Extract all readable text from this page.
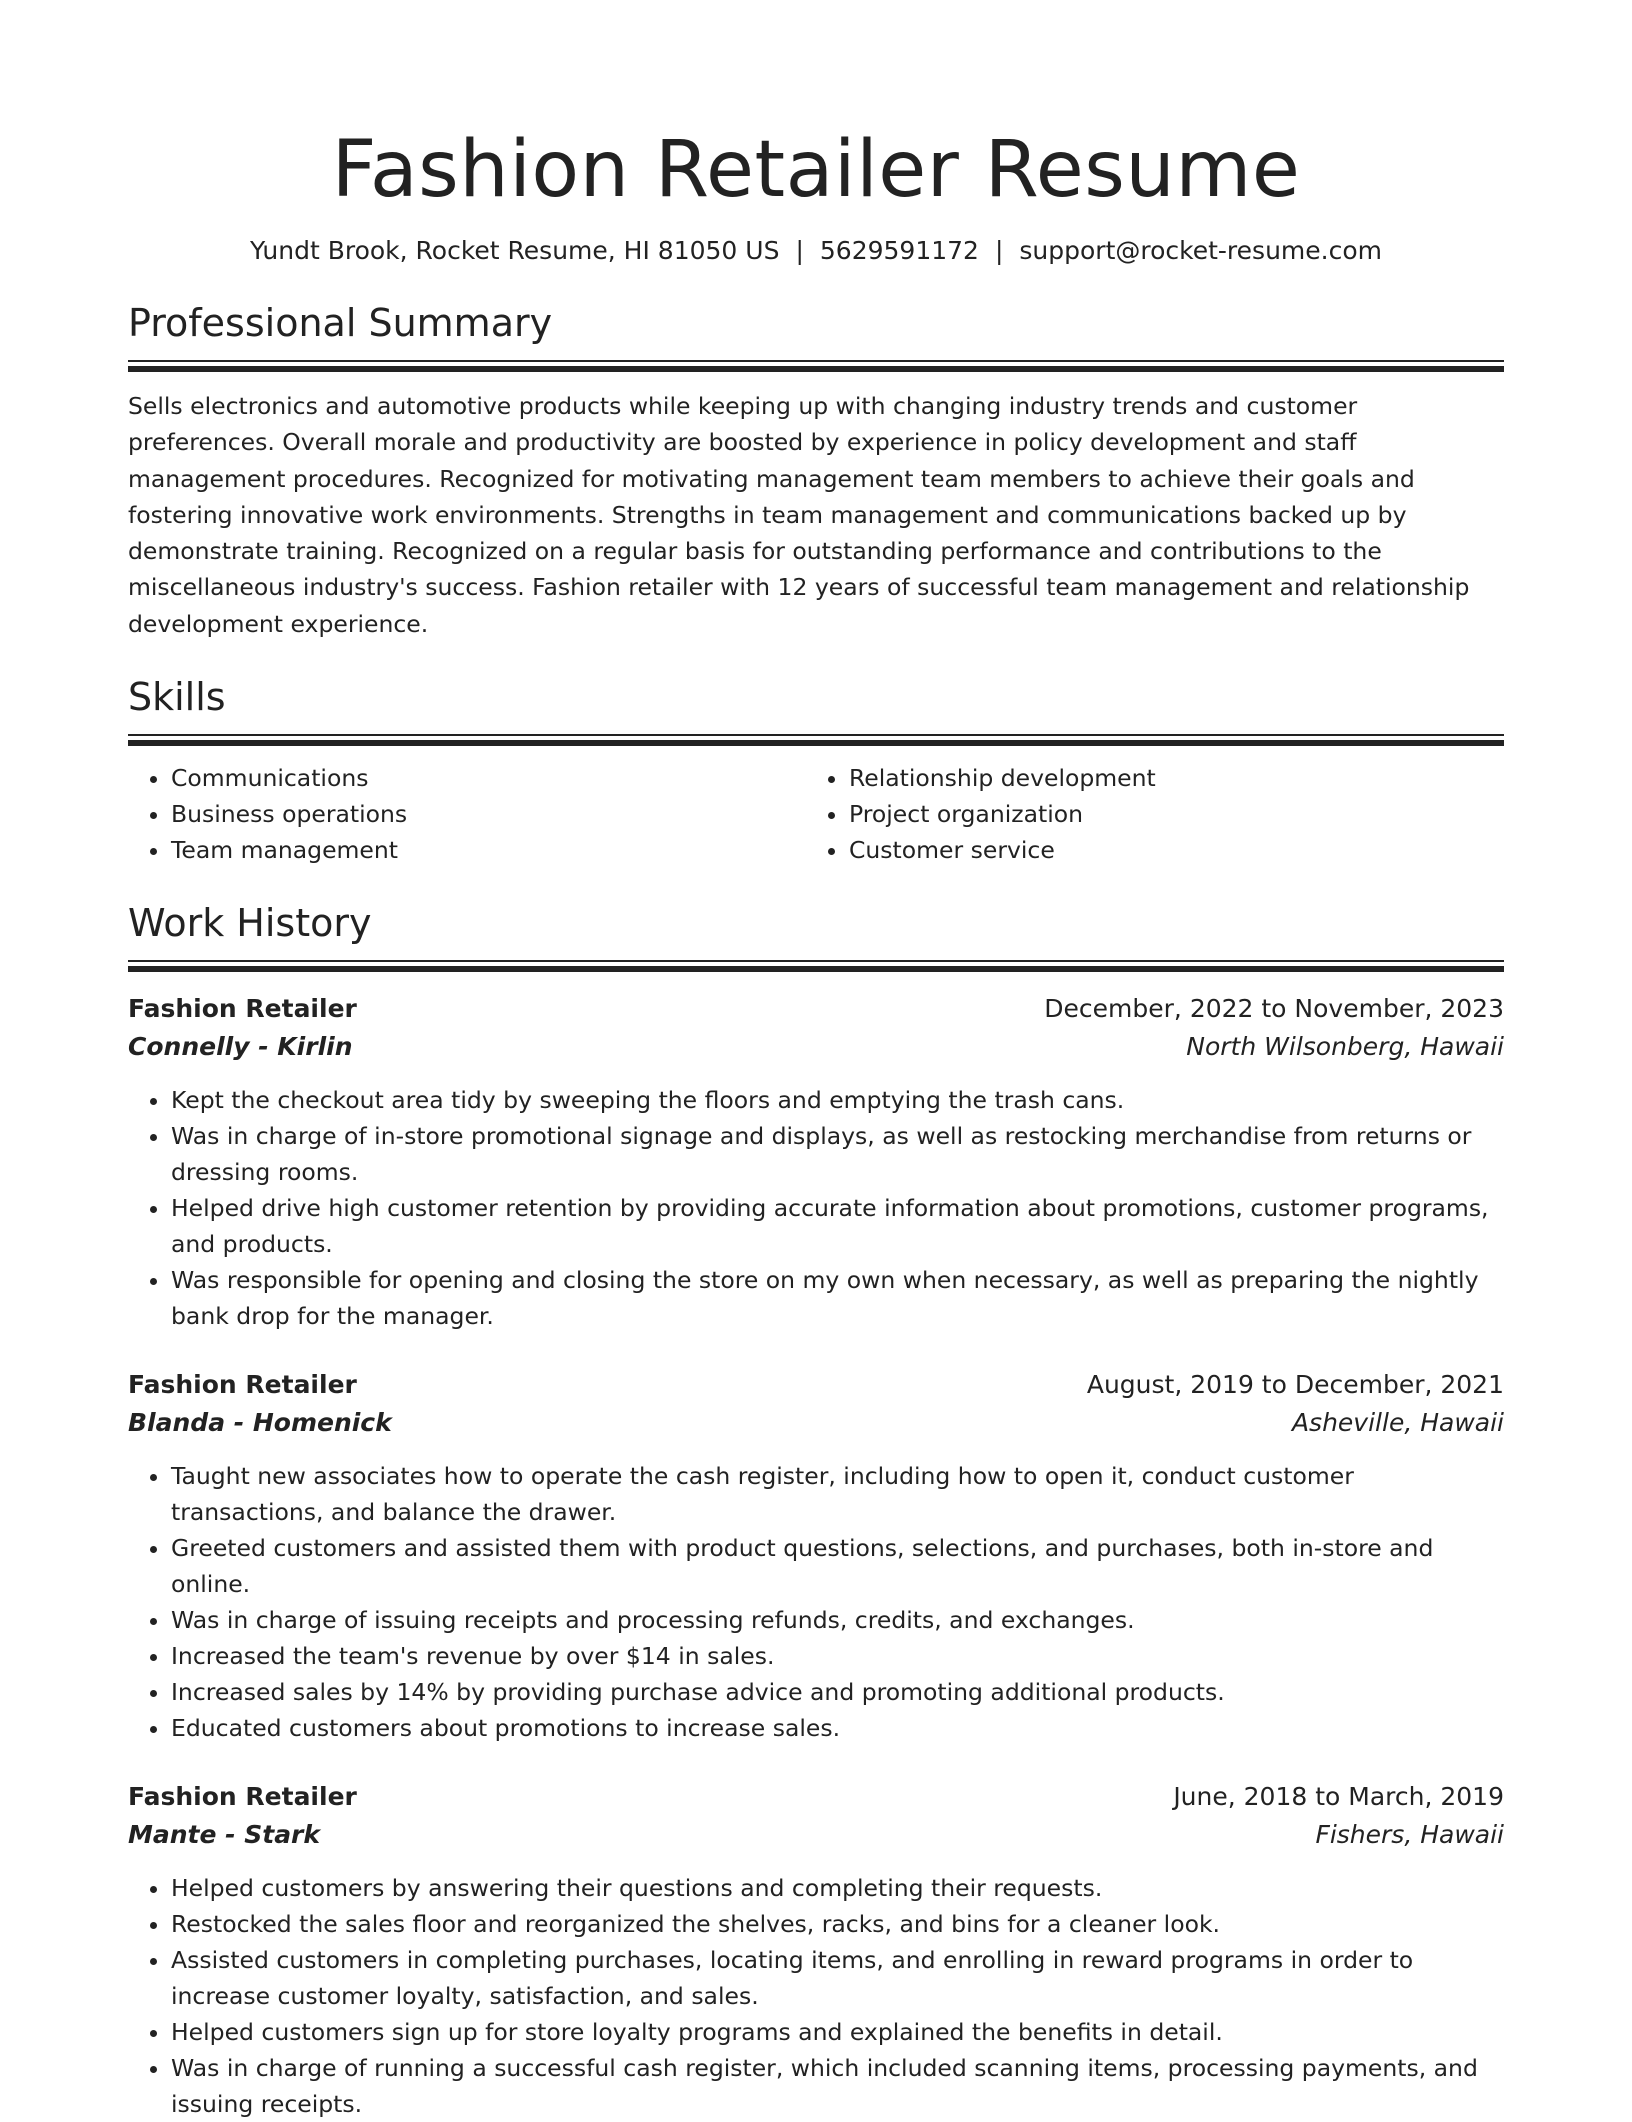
Fashion Retailer Resume
Yundt Brook, Rocket Resume, HI 81050 US | 5629591172 | support@rocket-resume.com
Professional Summary

Sells electronics and automotive products while keeping up with changing industry trends and customer preferences. Overall morale and productivity are boosted by experience in policy development and staff management procedures. Recognized for motivating management team members to achieve their goals and fostering innovative work environments. Strengths in team management and communications backed up by demonstrate training. Recognized on a regular basis for outstanding performance and contributions to the miscellaneous industry's success. Fashion retailer with 12 years of successful team management and relationship development experience.

Skills
• Communications
• Business operations
• Team management
• Relationship development
• Project organization
• Customer service
Work History
Fashion Retailer	December, 2022 to November, 2023
Connelly - Kirlin	North Wilsonberg, Hawaii
• Kept the checkout area tidy by sweeping the floors and emptying the trash cans.
• Was in charge of in-store promotional signage and displays, as well as restocking merchandise from returns or dressing rooms.
• Helped drive high customer retention by providing accurate information about promotions, customer programs, and products.
• Was responsible for opening and closing the store on my own when necessary, as well as preparing the nightly bank drop for the manager.
Fashion Retailer	August, 2019 to December, 2021
Blanda - Homenick	Asheville, Hawaii
• Taught new associates how to operate the cash register, including how to open it, conduct customer transactions, and balance the drawer.
• Greeted customers and assisted them with product questions, selections, and purchases, both in-store and online.
• Was in charge of issuing receipts and processing refunds, credits, and exchanges.
• Increased the team's revenue by over $14 in sales.
• Increased sales by 14% by providing purchase advice and promoting additional products.
• Educated customers about promotions to increase sales.
Fashion Retailer	June, 2018 to March, 2019
Mante - Stark	Fishers, Hawaii
• Helped customers by answering their questions and completing their requests.
• Restocked the sales floor and reorganized the shelves, racks, and bins for a cleaner look.
• Assisted customers in completing purchases, locating items, and enrolling in reward programs in order to increase customer loyalty, satisfaction, and sales.
• Helped customers sign up for store loyalty programs and explained the benefits in detail.
• Was in charge of running a successful cash register, which included scanning items, processing payments, and issuing receipts.
